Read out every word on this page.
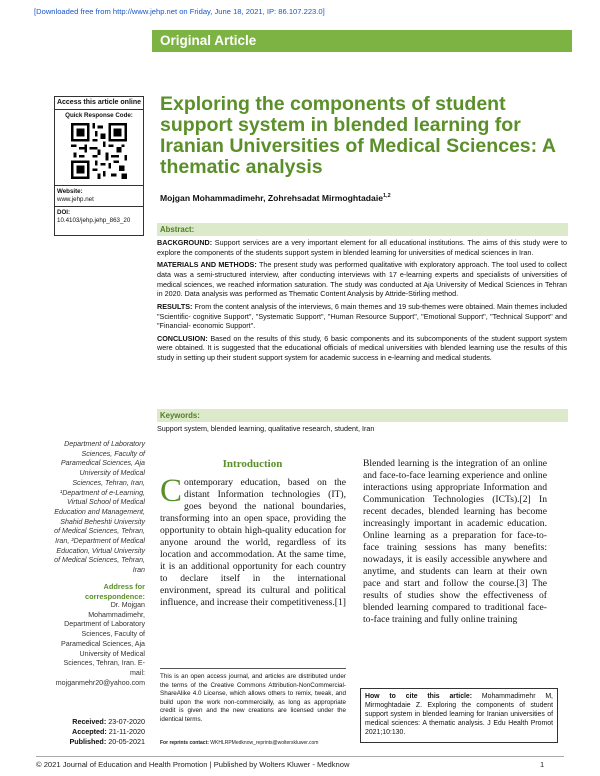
[Downloaded free from http://www.jehp.net on Friday, June 18, 2021, IP: 86.107.223.0]
Original Article
Access this article online
Quick Response Code:
Website:
www.jehp.net
DOI:
10.4103/jehp.jehp_863_20
Exploring the components of student support system in blended learning for Iranian Universities of Medical Sciences: A thematic analysis
Mojgan Mohammadimehr, Zohrehsadat Mirmoghtadaie$^{1,2}$
Abstract:

BACKGROUND: Support services are a very important element for all educational institutions. The aims of this study were to explore the components of the students support system in blended learning for universities of medical sciences in Iran.

MATERIALS AND METHODS: The present study was performed qualitative with exploratory approach. The tool used to collect data was a semi-structured interview, after conducting interviews with 17 e-learning experts and specialists of universities of medical sciences, we reached information saturation. The study was conducted at Aja University of Medical Sciences in Tehran in 2020. Data analysis was performed as Thematic Content Analysis by Attride-Stirling method.

RESULTS: From the content analysis of the interviews, 6 main themes and 19 sub-themes were obtained. Main themes included "Scientific- cognitive Support", "Systematic Support", "Human Resource Support", "Emotional Support", "Technical Support" and "Financial- economic Support".

CONCLUSION: Based on the results of this study, 6 basic components and its subcomponents of the student support system were obtained. It is suggested that the educational officials of medical universities with blended learning use the results of this study in setting up their student support system for academic success in e-learning and medical students.

Keywords:
Support system, blended learning, qualitative research, student, Iran
Department of Laboratory Sciences, Faculty of Paramedical Sciences, Aja University of Medical Sciences, Tehran, Iran, ¹Department of e-Learning, Virtual School of Medical Education and Management, Shahid Beheshti University of Medical Sciences, Tehran, Iran, ²Department of Medical Education, Virtual University of Medical Sciences, Tehran, Iran
Address for correspondence:
Dr. Mojgan Mohammadimehr, Department of Laboratory Sciences, Faculty of Paramedical Sciences, Aja University of Medical Sciences, Tehran, Iran. E-mail: mojganmehr20@yahoo.com
Received: 23-07-2020
Accepted: 21-11-2020
Published: 20-05-2021
Introduction
Contemporary education, based on the distant Information technologies (IT), goes beyond the national boundaries, transforming into an open space, providing the opportunity to obtain high-quality education for anyone around the world, regardless of its location and accommodation. At the same time, it is an additional opportunity for each country to declare itself in the international environment, spread its cultural and political influence, and increase their competitiveness.[1]
Blended learning is the integration of an online and face-to-face learning experience and online interactions using appropriate Information and Communication Technologies (ICTs).[2] In recent decades, blended learning has become increasingly important in academic education. Online learning as a preparation for face-to-face training sessions has many benefits: nowadays, it is easily accessible anywhere and anytime, and students can learn at their own pace and start and follow the course.[3] The results of studies show the effectiveness of blended learning compared to traditional face-to-face training and fully online training
This is an open access journal, and articles are distributed under the terms of the Creative Commons Attribution-NonCommercial-ShareAlike 4.0 License, which allows others to remix, tweak, and build upon the work non-commercially, as long as appropriate credit is given and the new creations are licensed under the identical terms.
For reprints contact: WKHLRPMedknow_reprints@wolterskluwer.com
How to cite this article: Mohammadimehr M, Mirmoghtadaie Z. Exploring the components of student support system in blended learning for Iranian universities of medical sciences: A thematic analysis. J Edu Health Promot 2021;10:130.
© 2021 Journal of Education and Health Promotion | Published by Wolters Kluwer - Medknow	1
